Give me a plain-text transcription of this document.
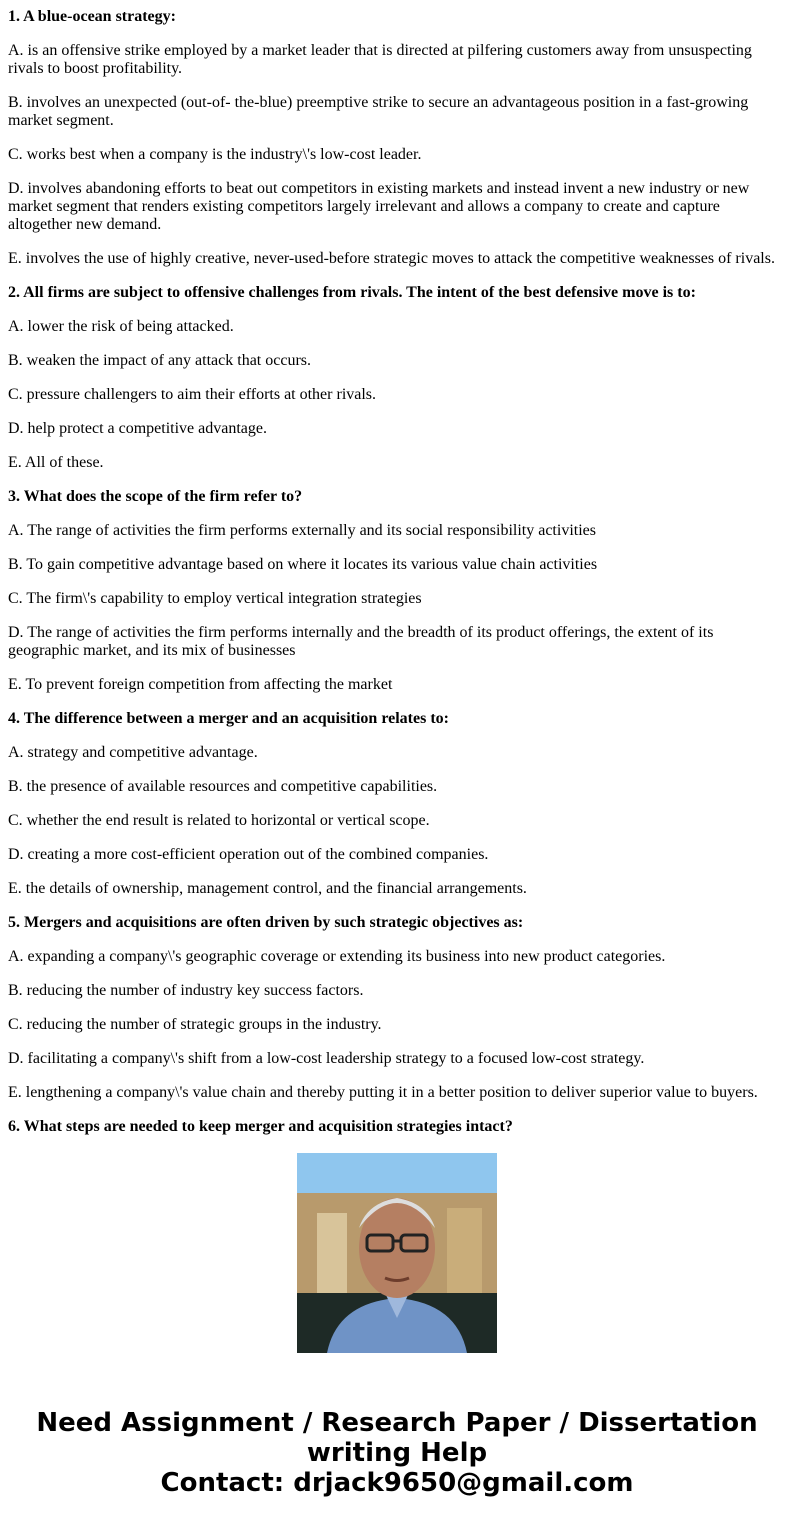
1. A blue-ocean strategy:

A. is an offensive strike employed by a market leader that is directed at pilfering customers away from unsuspecting rivals to boost profitability.

B. involves an unexpected (out-of- the-blue) preemptive strike to secure an advantageous position in a fast-growing market segment.

C. works best when a company is the industry\'s low-cost leader.

D. involves abandoning efforts to beat out competitors in existing markets and instead invent a new industry or new market segment that renders existing competitors largely irrelevant and allows a company to create and capture altogether new demand.

E. involves the use of highly creative, never-used-before strategic moves to attack the competitive weaknesses of rivals.

2. All firms are subject to offensive challenges from rivals. The intent of the best defensive move is to:

A. lower the risk of being attacked.

B. weaken the impact of any attack that occurs.

C. pressure challengers to aim their efforts at other rivals.

D. help protect a competitive advantage.

E. All of these.

3. What does the scope of the firm refer to?

A. The range of activities the firm performs externally and its social responsibility activities

B. To gain competitive advantage based on where it locates its various value chain activities

C. The firm\'s capability to employ vertical integration strategies

D. The range of activities the firm performs internally and the breadth of its product offerings, the extent of its geographic market, and its mix of businesses

E. To prevent foreign competition from affecting the market

4. The difference between a merger and an acquisition relates to:

A. strategy and competitive advantage.

B. the presence of available resources and competitive capabilities.

C. whether the end result is related to horizontal or vertical scope.

D. creating a more cost-efficient operation out of the combined companies.

E. the details of ownership, management control, and the financial arrangements.

5. Mergers and acquisitions are often driven by such strategic objectives as:

A. expanding a company\'s geographic coverage or extending its business into new product categories.

B. reducing the number of industry key success factors.

C. reducing the number of strategic groups in the industry.

D. facilitating a company\'s shift from a low-cost leadership strategy to a focused low-cost strategy.

E. lengthening a company\'s value chain and thereby putting it in a better position to deliver superior value to buyers.

6. What steps are needed to keep merger and acquisition strategies intact?

Need Assignment / Research Paper / Dissertation writing Help
Contact: drjack9650@gmail.com
